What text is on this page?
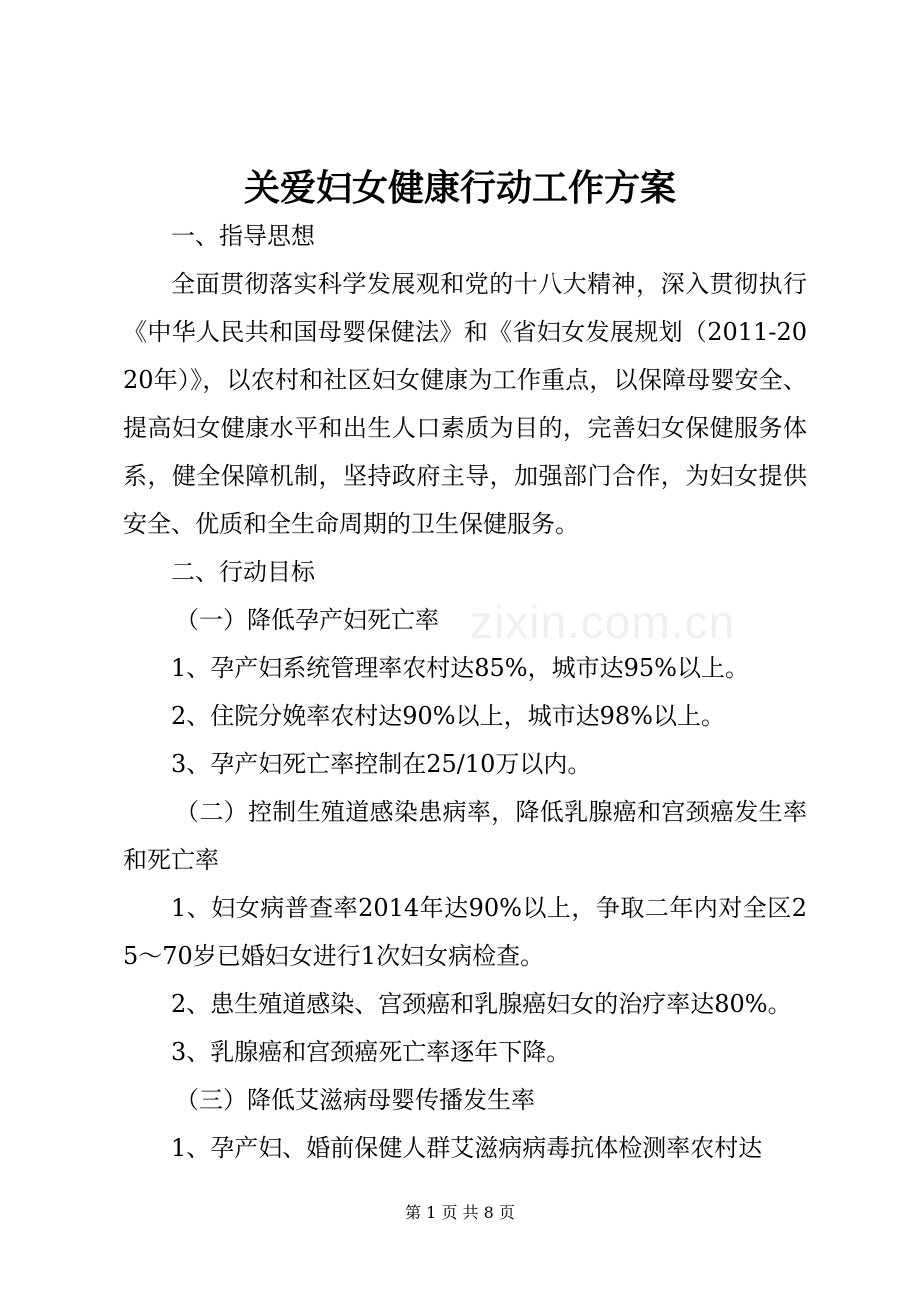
关爱妇女健康行动工作方案

一、指导思想

全面贯彻落实科学发展观和党的十八大精神，深入贯彻执行《中华人民共和国母婴保健法》和《省妇女发展规划（2011-2020年）》，以农村和社区妇女健康为工作重点，以保障母婴安全、提高妇女健康水平和出生人口素质为目的，完善妇女保健服务体系，健全保障机制，坚持政府主导，加强部门合作，为妇女提供安全、优质和全生命周期的卫生保健服务。

二、行动目标

（一）降低孕产妇死亡率

1、孕产妇系统管理率农村达85%，城市达95%以上。

2、住院分娩率农村达90%以上，城市达98%以上。

3、孕产妇死亡率控制在25/10万以内。

（二）控制生殖道感染患病率，降低乳腺癌和宫颈癌发生率和死亡率

1、妇女病普查率2014年达90%以上，争取二年内对全区25～70岁已婚妇女进行1次妇女病检查。

2、患生殖道感染、宫颈癌和乳腺癌妇女的治疗率达80%。

3、乳腺癌和宫颈癌死亡率逐年下降。

（三）降低艾滋病母婴传播发生率

1、孕产妇、婚前保健人群艾滋病病毒抗体检测率农村达

zixin.com.cn
第 1 页 共 8 页
